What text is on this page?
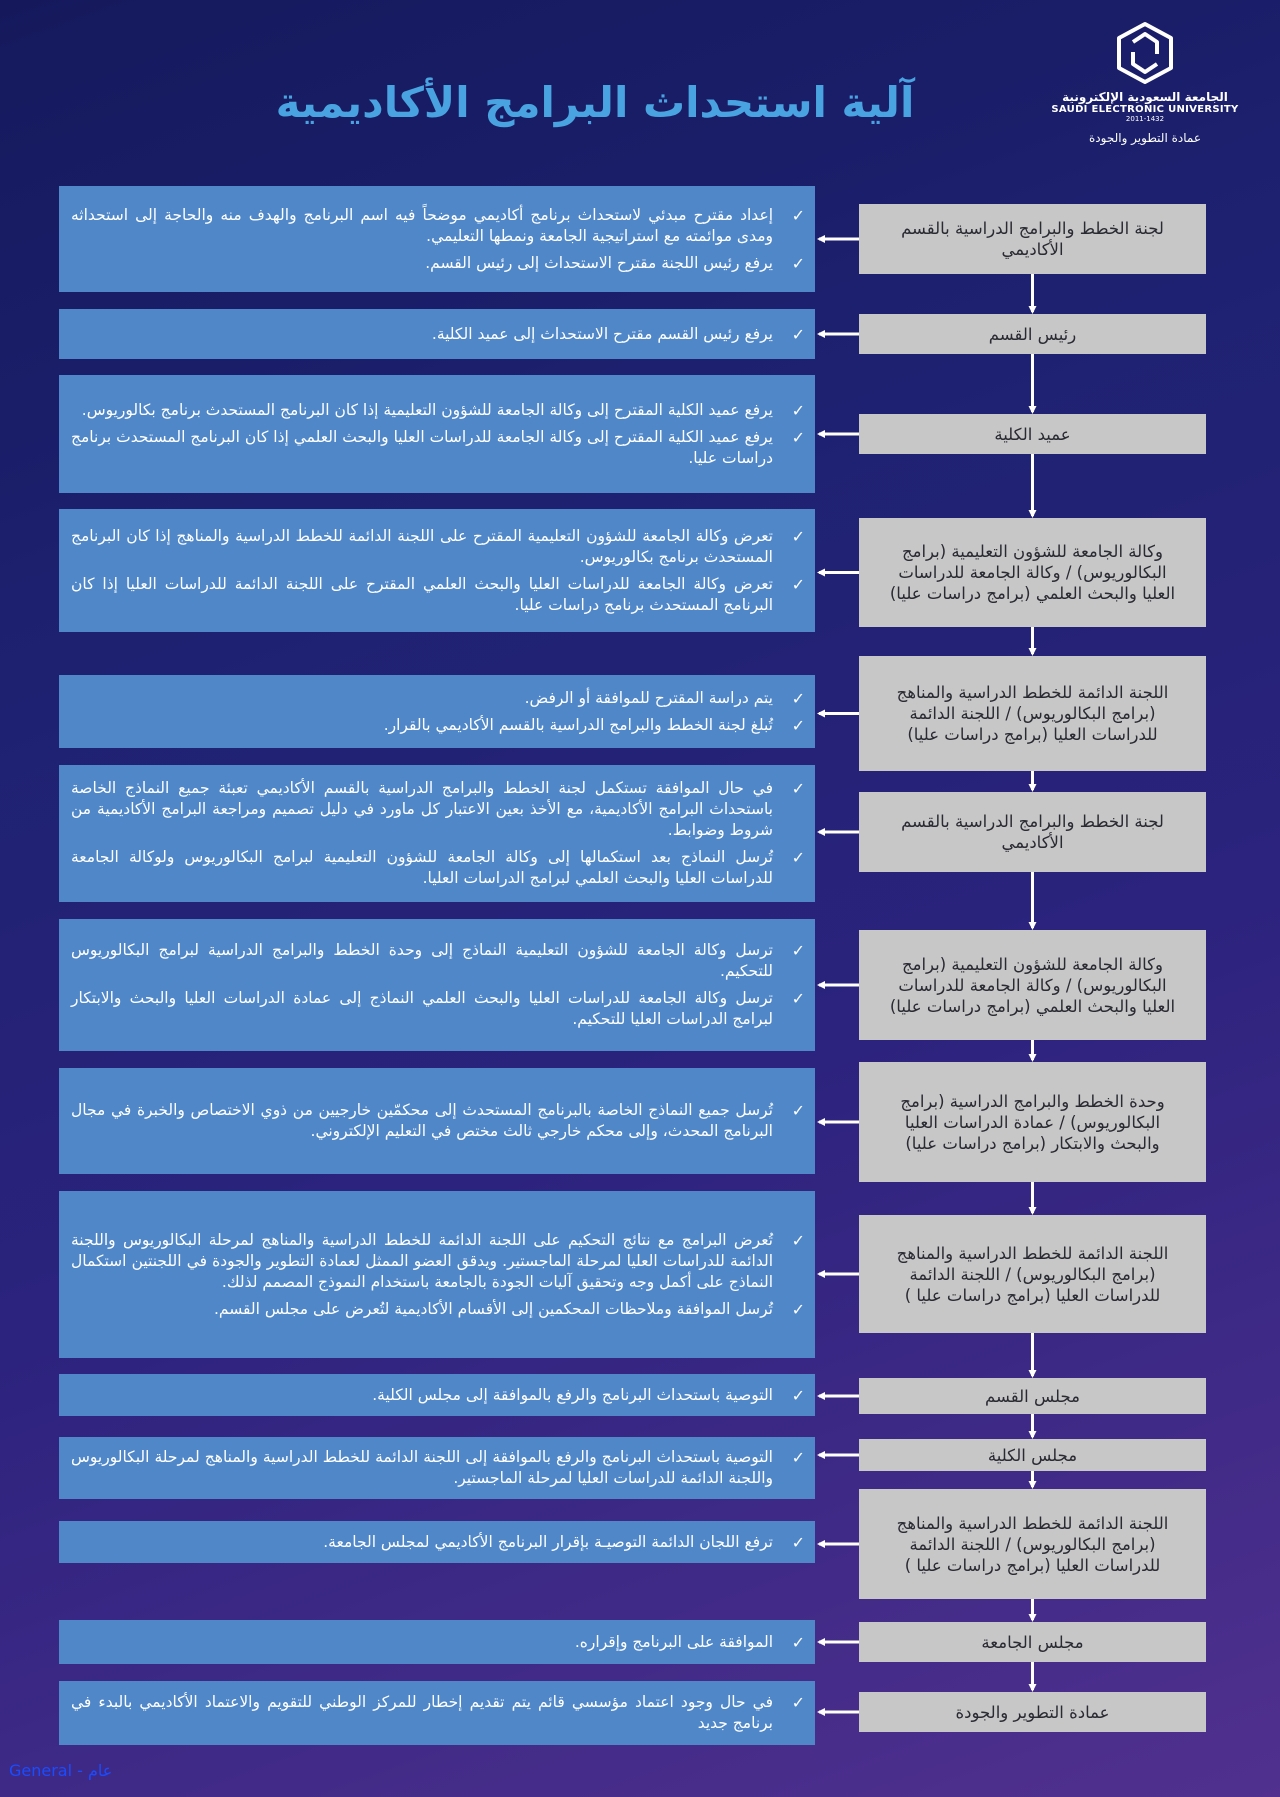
آلية استحداث البرامج الأكاديمية	الجامعة السعودية الإلكترونية
SAUDI ELECTRONIC UNIVERSITY
2011-1432
عمادة التطوير والجودة
✓
إعداد مقترح مبدئي لاستحداث برنامج أكاديمي موضحاً فيه اسم البرنامج والهدف منه والحاجة إلى استحداثه ومدى موائمته مع استراتيجية الجامعة ونمطها التعليمي.
✓
يرفع رئيس اللجنة مقترح الاستحداث إلى رئيس القسم.
لجنة الخطط والبرامج الدراسية بالقسم الأكاديمي
✓
يرفع رئيس القسم مقترح الاستحداث إلى عميد الكلية.	رئيس القسم
✓
يرفع عميد الكلية المقترح إلى وكالة الجامعة للشؤون التعليمية إذا كان البرنامج المستحدث برنامج بكالوريوس.
✓
يرفع عميد الكلية المقترح إلى وكالة الجامعة للدراسات العليا والبحث العلمي إذا كان البرنامج المستحدث برنامج دراسات عليا.
عميد الكلية
✓
تعرض وكالة الجامعة للشؤون التعليمية المقترح على اللجنة الدائمة للخطط الدراسية والمناهج إذا كان البرنامج المستحدث برنامج بكالوريوس.
✓
تعرض وكالة الجامعة للدراسات العليا والبحث العلمي المقترح على اللجنة الدائمة للدراسات العليا إذا كان البرنامج المستحدث برنامج دراسات عليا.
وكالة الجامعة للشؤون التعليمية (برامج البكالوريوس) / وكالة الجامعة للدراسات العليا والبحث العلمي (برامج دراسات عليا)
✓
يتم دراسة المقترح للموافقة أو الرفض.
✓
تُبلغ لجنة الخطط والبرامج الدراسية بالقسم الأكاديمي بالقرار.
اللجنة الدائمة للخطط الدراسية والمناهج (برامج البكالوريوس) / اللجنة الدائمة للدراسات العليا (برامج دراسات عليا)
✓
في حال الموافقة تستكمل لجنة الخطط والبرامج الدراسية بالقسم الأكاديمي تعبئة جميع النماذج الخاصة باستحداث البرامج الأكاديمية، مع الأخذ بعين الاعتبار كل ماورد في دليل تصميم ومراجعة البرامج الأكاديمية من شروط وضوابط.
✓
تُرسل النماذج بعد استكمالها إلى وكالة الجامعة للشؤون التعليمية لبرامج البكالوريوس ولوكالة الجامعة للدراسات العليا والبحث العلمي لبرامج الدراسات العليا.
لجنة الخطط والبرامج الدراسية بالقسم الأكاديمي
✓
ترسل وكالة الجامعة للشؤون التعليمية النماذج إلى وحدة الخطط والبرامج الدراسية لبرامج البكالوريوس للتحكيم.
✓
ترسل وكالة الجامعة للدراسات العليا والبحث العلمي النماذج إلى عمادة الدراسات العليا والبحث والابتكار لبرامج الدراسات العليا للتحكيم.
وكالة الجامعة للشؤون التعليمية (برامج البكالوريوس) / وكالة الجامعة للدراسات العليا والبحث العلمي (برامج دراسات عليا)
✓
تُرسل جميع النماذج الخاصة بالبرنامج المستحدث إلى محكمّين خارجيين من ذوي الاختصاص والخبرة في مجال البرنامج المحدث، وإلى محكم خارجي ثالث مختص في التعليم الإلكتروني.
وحدة الخطط والبرامج الدراسية (برامج البكالوريوس) / عمادة الدراسات العليا والبحث والابتكار (برامج دراسات عليا)
✓
تُعرض البرامج مع نتائج التحكيم على اللجنة الدائمة للخطط الدراسية والمناهج لمرحلة البكالوريوس واللجنة الدائمة للدراسات العليا لمرحلة الماجستير. ويدقق العضو الممثل لعمادة التطوير والجودة في اللجنتين استكمال النماذج على أكمل وجه وتحقيق آليات الجودة بالجامعة باستخدام النموذج المصمم لذلك.
✓
تُرسل الموافقة وملاحظات المحكمين إلى الأقسام الأكاديمية لتُعرض على مجلس القسم.
اللجنة الدائمة للخطط الدراسية والمناهج (برامج البكالوريوس) / اللجنة الدائمة للدراسات العليا (برامج دراسات عليا )
✓
التوصية باستحداث البرنامج والرفع بالموافقة إلى مجلس الكلية.	مجلس القسم
✓
التوصية باستحداث البرنامج والرفع بالموافقة إلى اللجنة الدائمة للخطط الدراسية والمناهج لمرحلة البكالوريوس واللجنة الدائمة للدراسات العليا لمرحلة الماجستير.
مجلس الكلية
✓
ترفع اللجان الدائمة التوصيـة بإقرار البرنامج الأكاديمي لمجلس الجامعة.
اللجنة الدائمة للخطط الدراسية والمناهج (برامج البكالوريوس) / اللجنة الدائمة للدراسات العليا (برامج دراسات عليا )
✓
الموافقة على البرنامج وإقراره.	مجلس الجامعة
✓
في حال وجود اعتماد مؤسسي قائم يتم تقديم إخطار للمركز الوطني للتقويم والاعتماد الأكاديمي بالبدء في برنامج جديد
عمادة التطوير والجودة
General - عام
